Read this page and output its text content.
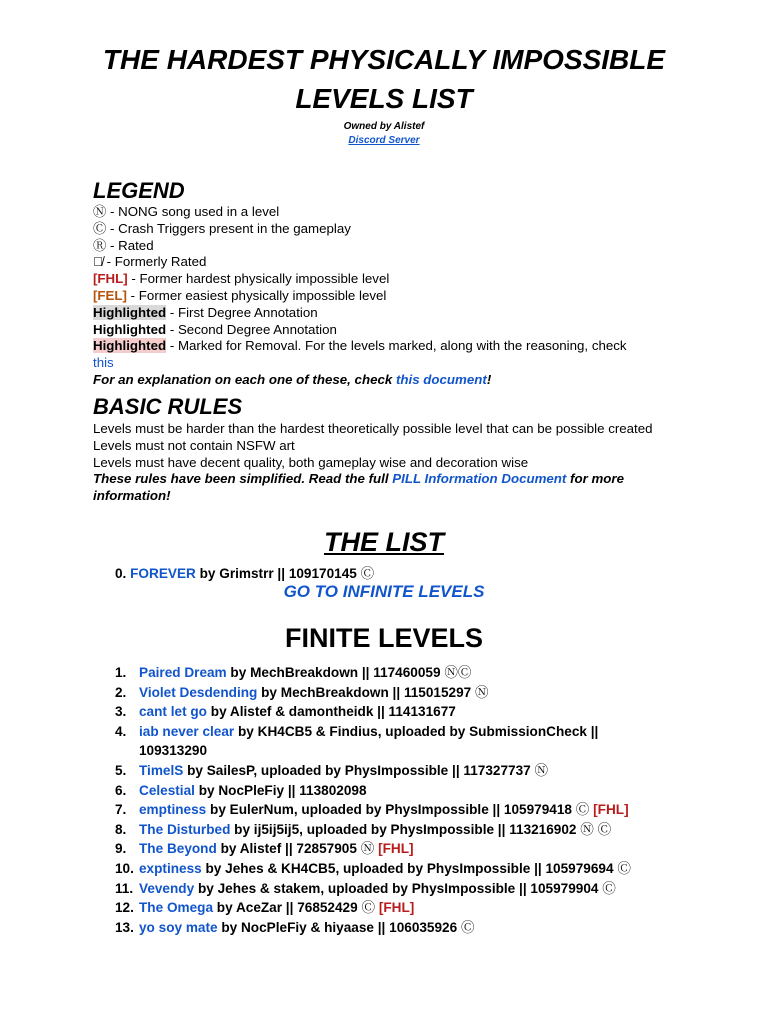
THE HARDEST PHYSICALLY IMPOSSIBLE
LEVELS LIST
Owned by Alistef
Discord Server
LEGEND
Ⓝ - NONG song used in a level
Ⓒ - Crash Triggers present in the gameplay
Ⓡ - Rated
Ⓡ̸ - Formerly Rated
[FHL] - Former hardest physically impossible level
[FEL] - Former easiest physically impossible level
Highlighted - First Degree Annotation
Highlighted - Second Degree Annotation
Highlighted - Marked for Removal. For the levels marked, along with the reasoning, check
this
For an explanation on each one of these, check this document!
BASIC RULES
Levels must be harder than the hardest theoretically possible level that can be possible created
Levels must not contain NSFW art
Levels must have decent quality, both gameplay wise and decoration wise
These rules have been simplified. Read the full PILL Information Document for more information!
THE LIST
0. FOREVER by Grimstrr || 109170145 Ⓒ
GO TO INFINITE LEVELS
FINITE LEVELS
1. Paired Dream by MechBreakdown || 117460059 ⓃⒸ
2. Violet Desdending by MechBreakdown || 115015297 Ⓝ
3. cant let go by Alistef & damontheidk || 114131677
4. iab never clear by KH4CB5 & Findius, uploaded by SubmissionCheck || 109313290
5. TimelS by SailesP, uploaded by PhysImpossible || 117327737 Ⓝ
6. Celestial by NocPleFiy || 113802098
7. emptiness by EulerNum, uploaded by PhysImpossible || 105979418 Ⓒ [FHL]
8. The Disturbed by ij5ij5ij5, uploaded by PhysImpossible || 113216902 Ⓝ Ⓒ
9. The Beyond by Alistef || 72857905 Ⓝ [FHL]
10. exptiness by Jehes & KH4CB5, uploaded by PhysImpossible || 105979694 Ⓒ
11. Vevendy by Jehes & stakem, uploaded by PhysImpossible || 105979904 Ⓒ
12. The Omega by AceZar || 76852429 Ⓒ [FHL]
13. yo soy mate by NocPleFiy & hiyaase || 106035926 Ⓒ
